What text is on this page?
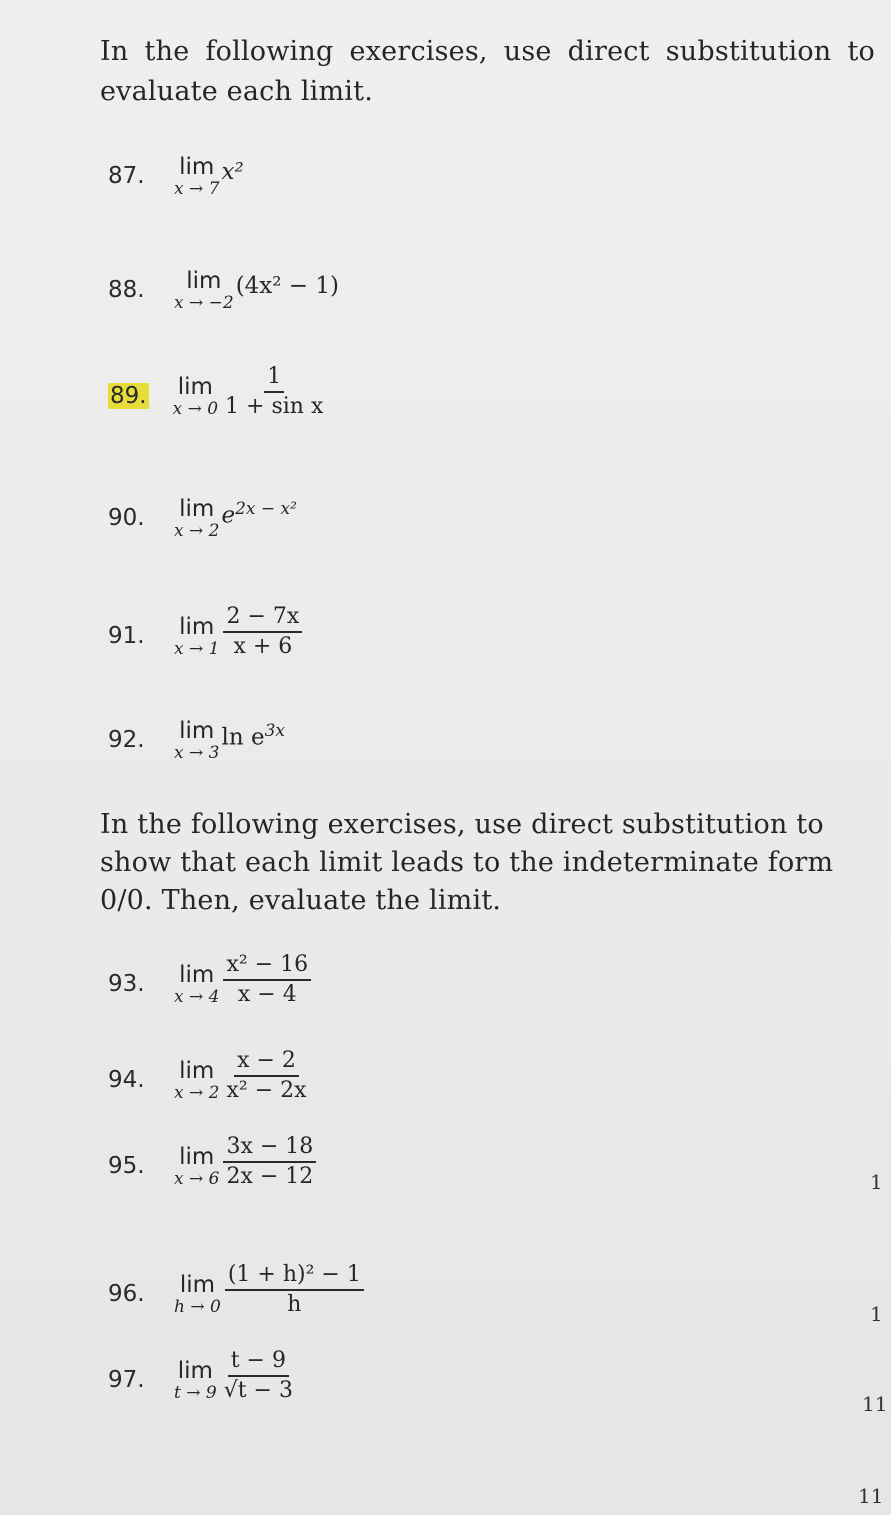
In the following exercises, use direct substitution to evaluate each limit.
87.	lim
x → 7
x²
88.	lim
x → −2
(4x² − 1)
89. lim
$x \to 0 \frac{1}{\text{1 + sin x}}$
90.	lim
x → 2
$e^{2x - x^2}$
91.	lim
$x \to 1 \frac{2 - 7x}{x + 6}$
92.	lim
x → 3
$\ln e^{3x}$
In the following exercises, use direct substitution to show that each limit leads to the indeterminate form 0/0. Then, evaluate the limit.
93.	lim
$x \to 4 \frac{\text{x² − 16}}{x - 4}$
94.	lim
$x \to 2 \frac{x - 2}{\text{x² − 2x}}$
95.	lim
$x \to 6 \frac{3x - 18}{2x - 12}$
96.	lim
$h \to 0 \frac{\text{(1 + h)² − 1}}{h}$
97.	lim
$t \to 9 \frac{t - 9}{√t - 3}$
1
1
11
11
